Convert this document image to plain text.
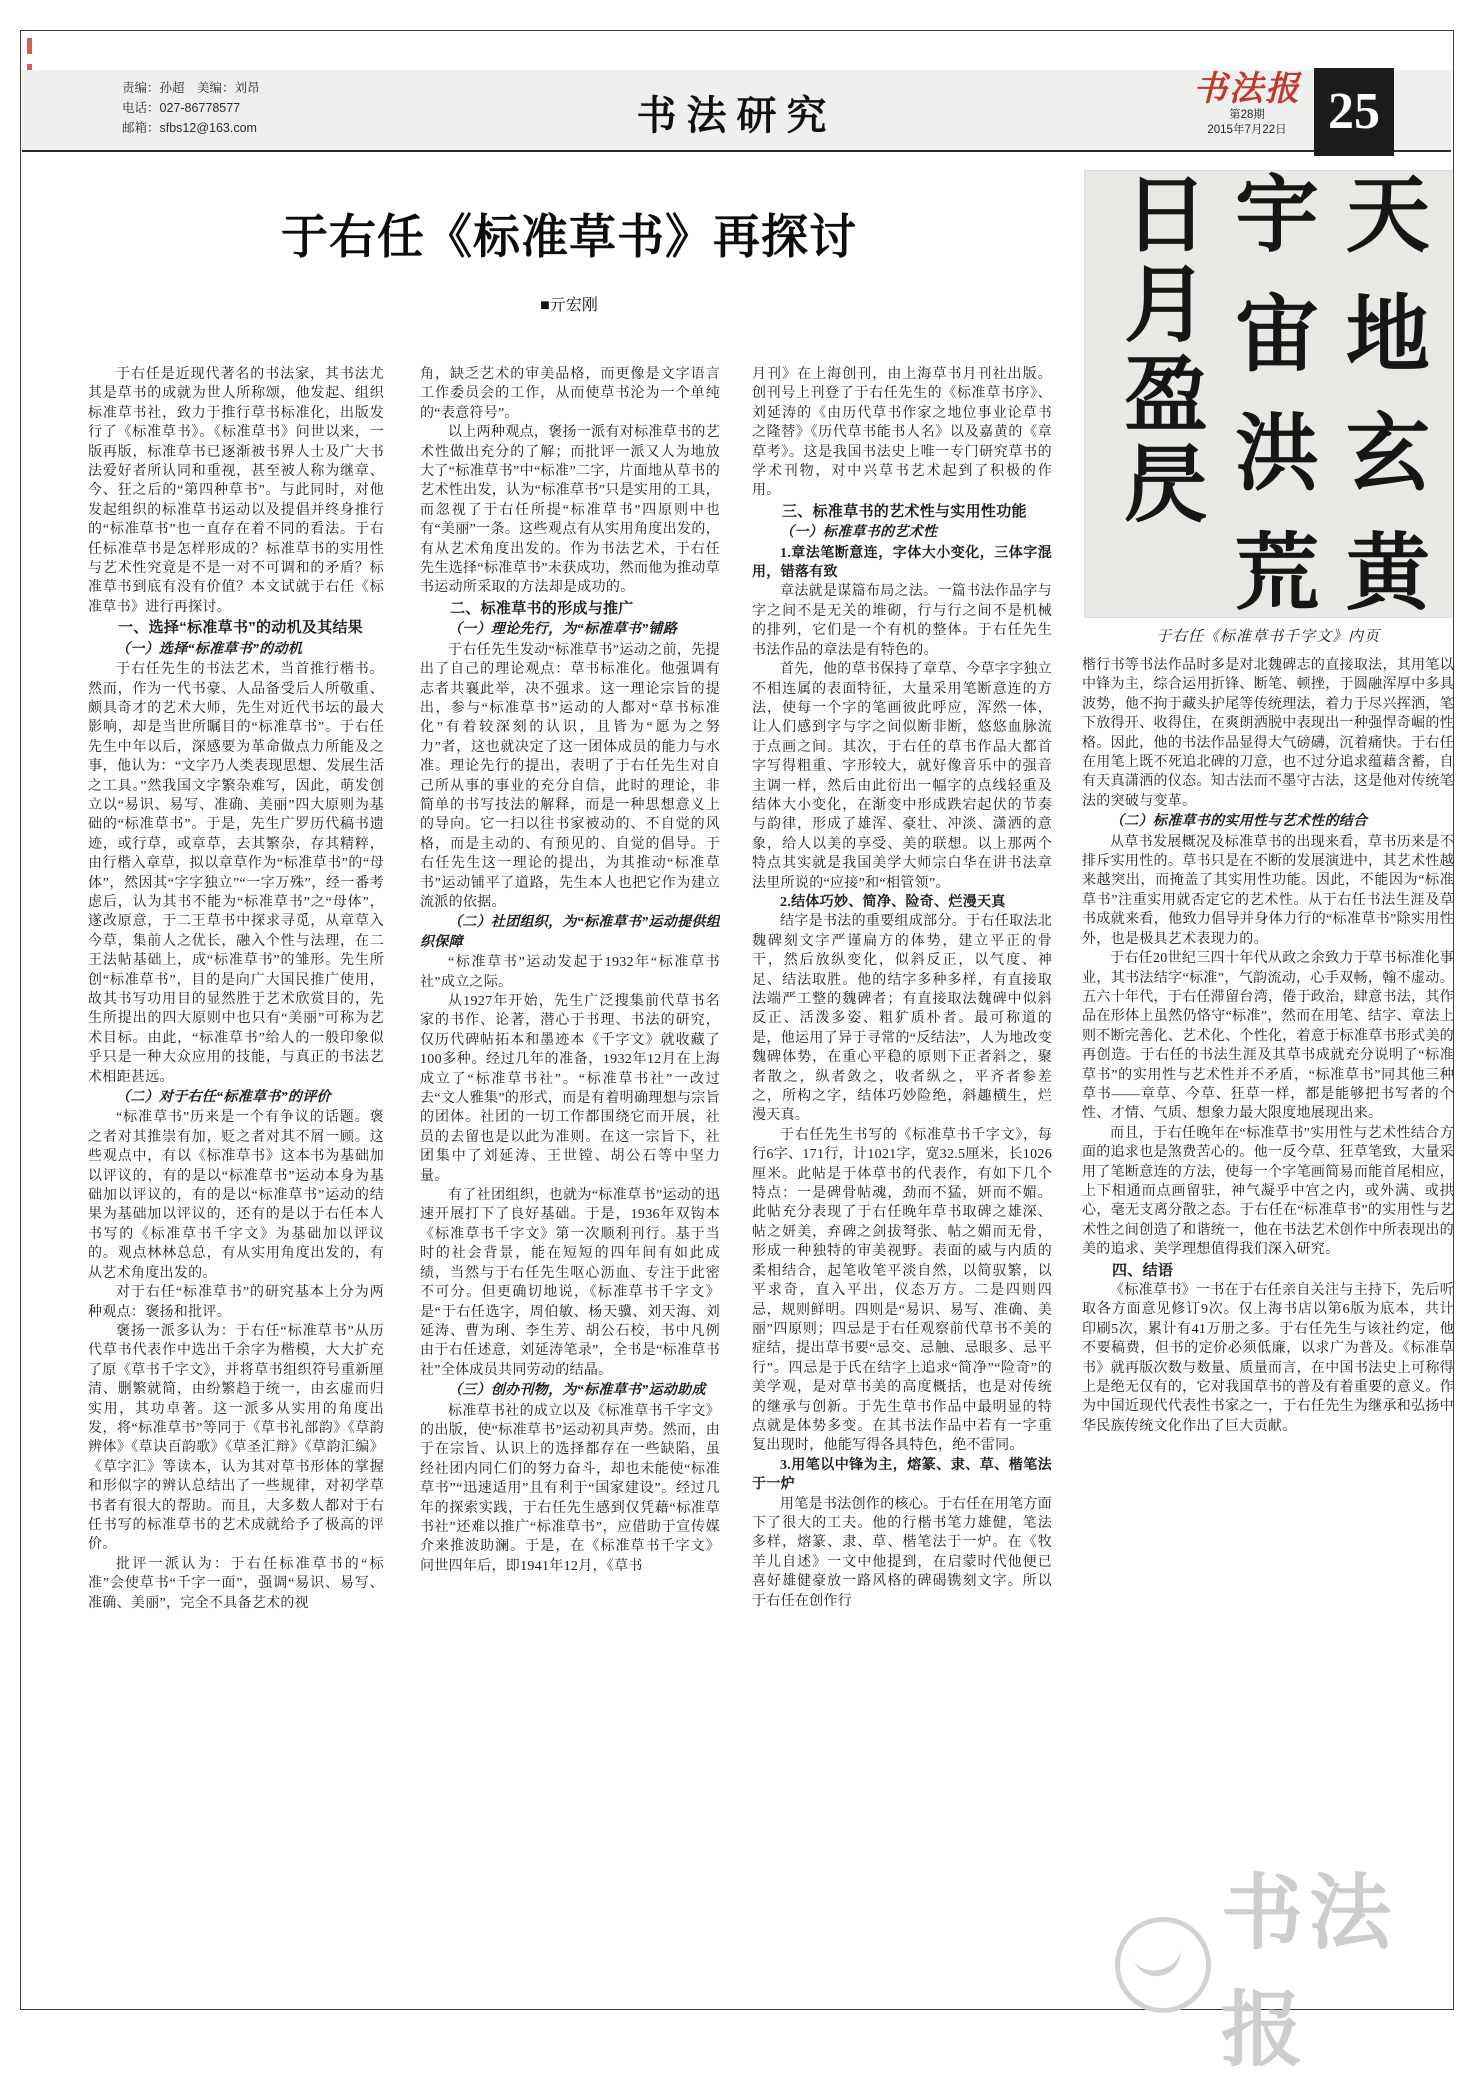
责编：孙超　美编：刘昂
电话：027-86778577
邮箱：sfbs12@163.com	书法研究
书法报
第28期
2015年7月22日 25
于右任《标准草书》再探讨
■亓宏刚
于右任是近现代著名的书法家，其书法尤其是草书的成就为世人所称颂，他发起、组织标准草书社，致力于推行草书标准化，出版发行了《标准草书》。《标准草书》问世以来，一版再版，标准草书已逐渐被书界人士及广大书法爱好者所认同和重视，甚至被人称为继章、今、狂之后的“第四种草书”。与此同时，对他发起组织的标准草书运动以及提倡并终身推行的“标准草书”也一直存在着不同的看法。于右任标准草书是怎样形成的？标准草书的实用性与艺术性究竟是不是一对不可调和的矛盾？标准草书到底有没有价值？本文试就于右任《标准草书》进行再探讨。
一、选择“标准草书”的动机及其结果
（一）选择“标准草书”的动机
于右任先生的书法艺术，当首推行楷书。然而，作为一代书豪、人品备受后人所敬重、颇具奇才的艺术大师，先生对近代书坛的最大影响，却是当世所瞩目的“标准草书”。于右任先生中年以后，深感要为革命做点力所能及之事，他认为：“文字乃人类表现思想、发展生活之工具。”然我国文字繁杂难写，因此，萌发创立以“易识、易写、准确、美丽”四大原则为基础的“标准草书”。于是，先生广罗历代稿书遗迹，或行草，或章草，去其繁杂，存其精粹，由行楷入章草，拟以章草作为“标准草书”的“母体”，然因其“字字独立”“一字万殊”，经一番考虑后，认为其书不能为“标准草书”之“母体”，遂改原意，于二王草书中探求寻觅，从章草入今草，集前人之优长，融入个性与法理，在二王法帖基础上，成“标准草书”的雏形。先生所创“标准草书”，目的是向广大国民推广使用，故其书写功用目的显然胜于艺术欣赏目的，先生所提出的四大原则中也只有“美丽”可称为艺术目标。由此，“标准草书”给人的一般印象似乎只是一种大众应用的技能，与真正的书法艺术相距甚远。
（二）对于右任“标准草书”的评价
“标准草书”历来是一个有争议的话题。褒之者对其推崇有加，贬之者对其不屑一顾。这些观点中，有以《标准草书》这本书为基础加以评议的，有的是以“标准草书”运动本身为基础加以评议的，有的是以“标准草书”运动的结果为基础加以评议的，还有的是以于右任本人书写的《标准草书千字文》为基础加以评议的。观点林林总总，有从实用角度出发的，有从艺术角度出发的。
对于右任“标准草书”的研究基本上分为两种观点：褒扬和批评。
褒扬一派多认为：于右任“标准草书”从历代草书代表作中选出千余字为楷模，大大扩充了原《草书千字文》，并将草书组织符号重新厘清、删繁就简，由纷繁趋于统一，由玄虚而归实用，其功卓著。这一派多从实用的角度出发，将“标准草书”等同于《草书礼部韵》《草韵辨体》《草诀百韵歌》《草圣汇辩》《草韵汇编》《草字汇》等读本，认为其对草书形体的掌握和形似字的辨认总结出了一些规律，对初学草书者有很大的帮助。而且，大多数人都对于右任书写的标准草书的艺术成就给予了极高的评价。
批评一派认为：于右任标准草书的“标准”会使草书“千字一面”，强调“易识、易写、准确、美丽”，完全不具备艺术的视
角，缺乏艺术的审美品格，而更像是文字语言工作委员会的工作，从而使草书沦为一个单纯的“表意符号”。
以上两种观点，褒扬一派有对标准草书的艺术性做出充分的了解；而批评一派又人为地放大了“标准草书”中“标准”二字，片面地从草书的艺术性出发，认为“标准草书”只是实用的工具，而忽视了于右任所提“标准草书”四原则中也有“美丽”一条。这些观点有从实用角度出发的，有从艺术角度出发的。作为书法艺术，于右任先生选择“标准草书”未获成功，然而他为推动草书运动所采取的方法却是成功的。
二、标准草书的形成与推广
（一）理论先行，为“标准草书”铺路
于右任先生发动“标准草书”运动之前，先提出了自己的理论观点：草书标准化。他强调有志者共襄此举，决不强求。这一理论宗旨的提出，参与“标准草书”运动的人都对“草书标准化”有着较深刻的认识，且皆为“愿为之努力”者，这也就决定了这一团体成员的能力与水准。理论先行的提出，表明了于右任先生对自己所从事的事业的充分自信，此时的理论，非简单的书写技法的解释，而是一种思想意义上的导向。它一扫以往书家被动的、不自觉的风格，而是主动的、有预见的、自觉的倡导。于右任先生这一理论的提出，为其推动“标准草书”运动铺平了道路，先生本人也把它作为建立流派的依据。
（二）社团组织，为“标准草书”运动提供组织保障
“标准草书”运动发起于1932年“标准草书社”成立之际。
从1927年开始，先生广泛搜集前代草书名家的书作、论著，潜心于书理、书法的研究，仅历代碑帖拓本和墨迹本《千字文》就收藏了100多种。经过几年的准备，1932年12月在上海成立了“标准草书社”。“标准草书社”一改过去“文人雅集”的形式，而是有着明确理想与宗旨的团体。社团的一切工作都围绕它而开展，社员的去留也是以此为准则。在这一宗旨下，社团集中了刘延涛、王世镗、胡公石等中坚力量。
有了社团组织，也就为“标准草书”运动的迅速开展打下了良好基础。于是，1936年双钩本《标准草书千字文》第一次顺利刊行。基于当时的社会背景，能在短短的四年间有如此成绩，当然与于右任先生呕心沥血、专注于此密不可分。但更确切地说，《标准草书千字文》是“于右任选字，周伯敏、杨天骥、刘天海、刘延涛、曹为琍、李生芳、胡公石校，书中凡例由于右任述意，刘延涛笔录”，全书是“标准草书社”全体成员共同劳动的结晶。
（三）创办刊物，为“标准草书”运动助成
标准草书社的成立以及《标准草书千字文》的出版，使“标准草书”运动初具声势。然而，由于在宗旨、认识上的选择都存在一些缺陷，虽经社团内同仁们的努力奋斗，却也未能使“标准草书”“迅速适用”且有利于“国家建设”。经过几年的探索实践，于右任先生感到仅凭藉“标准草书社”还难以推广“标准草书”，应借助于宣传媒介来推波助澜。于是，在《标准草书千字文》问世四年后，即1941年12月，《草书
月刊》在上海创刊，由上海草书月刊社出版。创刊号上刊登了于右任先生的《标准草书序》、刘延涛的《由历代草书作家之地位事业论草书之隆替》《历代草书能书人名》以及嘉黄的《章草考》。这是我国书法史上唯一专门研究草书的学术刊物，对中兴草书艺术起到了积极的作用。
三、标准草书的艺术性与实用性功能
（一）标准草书的艺术性
1.章法笔断意连，字体大小变化，三体字混用，错落有致
章法就是谋篇布局之法。一篇书法作品字与字之间不是无关的堆砌，行与行之间不是机械的排列，它们是一个有机的整体。于右任先生书法作品的章法是有特色的。
首先，他的草书保持了章草、今草字字独立不相连属的表面特征，大量采用笔断意连的方法，使每一个字的笔画彼此呼应，浑然一体，让人们感到字与字之间似断非断，悠悠血脉流于点画之间。其次，于右任的草书作品大都首字写得粗重、字形较大，就好像音乐中的强音主调一样，然后由此衍出一幅字的点线轻重及结体大小变化，在渐变中形成跌宕起伏的节奏与韵律，形成了雄浑、豪壮、冲淡、潇洒的意象，给人以美的享受、美的联想。以上那两个特点其实就是我国美学大师宗白华在讲书法章法里所说的“应接”和“相管领”。
2.结体巧妙、简净、险奇、烂漫天真
结字是书法的重要组成部分。于右任取法北魏碑刻文字严谨扁方的体势，建立平正的骨干，然后放纵变化，似斜反正，以气度、神足、结法取胜。他的结字多种多样，有直接取法端严工整的魏碑者；有直接取法魏碑中似斜反正、活泼多姿、粗犷质朴者。最可称道的是，他运用了异于寻常的“反结法”，人为地改变魏碑体势，在重心平稳的原则下正者斜之，聚者散之，纵者敛之，收者纵之，平齐者参差之，所构之字，结体巧妙险绝，斜趣横生，烂漫天真。
于右任先生书写的《标准草书千字文》，每行6字、171行，计1021字，宽32.5厘米，长1026厘米。此帖是于体草书的代表作，有如下几个特点：一是碑骨帖魂，劲而不猛，妍而不媚。此帖充分表现了于右任晚年草书取碑之雄深、帖之妍美，弃碑之剑拔弩张、帖之媚而无骨，形成一种独特的审美视野。表面的威与内质的柔相结合，起笔收笔平淡自然，以简驭繁，以平求奇，直入平出，仪态万方。二是四则四忌，规则鲜明。四则是“易识、易写、准确、美丽”四原则；四忌是于右任观察前代草书不美的症结，提出草书要“忌交、忌触、忌眼多、忌平行”。四忌是于氏在结字上追求“简净”“险奇”的美学观，是对草书美的高度概括，也是对传统的继承与创新。于先生草书作品中最明显的特点就是体势多变。在其书法作品中若有一字重复出现时，他能写得各具特色，绝不雷同。
3.用笔以中锋为主，熔篆、隶、草、楷笔法于一炉
用笔是书法创作的核心。于右任在用笔方面下了很大的工夫。他的行楷书笔力雄健，笔法多样，熔篆、隶、草、楷笔法于一炉。在《牧羊儿自述》一文中他提到，在启蒙时代他便已喜好雄健豪放一路风格的碑碣镌刻文字。所以于右任在创作行
天地玄黄宇宙洪荒日月盈昃
于右任《标准草书千字文》内页
楷行书等书法作品时多是对北魏碑志的直接取法，其用笔以中锋为主，综合运用折锋、断笔、顿挫，于圆融浑厚中多具波势，他不拘于藏头护尾等传统理法，着力于尽兴挥洒，笔下放得开、收得住，在爽朗洒脱中表现出一种强悍奇崛的性格。因此，他的书法作品显得大气磅礴，沉着痛快。于右任在用笔上既不死追北碑的刀意，也不过分追求蕴藉含蓄，自有天真潇洒的仪态。知古法而不墨守古法，这是他对传统笔法的突破与变革。
（二）标准草书的实用性与艺术性的结合
从草书发展概况及标准草书的出现来看，草书历来是不排斥实用性的。草书只是在不断的发展演进中，其艺术性越来越突出，而掩盖了其实用性功能。因此，不能因为“标准草书”注重实用就否定它的艺术性。从于右任书法生涯及草书成就来看，他致力倡导并身体力行的“标准草书”除实用性外，也是极具艺术表现力的。
于右任20世纪三四十年代从政之余致力于草书标准化事业，其书法结字“标准”，气韵流动，心手双畅，翰不虚动。五六十年代，于右任滞留台湾，倦于政治，肆意书法，其作品在形体上虽然仍恪守“标准”，然而在用笔、结字、章法上则不断完善化、艺术化、个性化，着意于标准草书形式美的再创造。于右任的书法生涯及其草书成就充分说明了“标准草书”的实用性与艺术性并不矛盾，“标准草书”同其他三种草书——章草、今草、狂草一样，都是能够把书写者的个性、才情、气质、想象力最大限度地展现出来。
而且，于右任晚年在“标准草书”实用性与艺术性结合方面的追求也是煞费苦心的。他一反今草、狂草笔致，大量采用了笔断意连的方法，使每一个字笔画简易而能首尾相应，上下相通而点画留驻，神气凝乎中宫之内，或外满、或拱心，毫无支离分散之态。于右任在“标准草书”的实用性与艺术性之间创造了和谐统一，他在书法艺术创作中所表现出的美的追求、美学理想值得我们深入研究。
四、结语
《标准草书》一书在于右任亲自关注与主持下，先后听取各方面意见修订9次。仅上海书店以第6版为底本，共计印刷5次，累计有41万册之多。于右任先生与该社约定，他不要稿费，但书的定价必须低廉，以求广为普及。《标准草书》就再版次数与数量、质量而言，在中国书法史上可称得上是绝无仅有的，它对我国草书的普及有着重要的意义。作为中国近现代代表性书家之一，于右任先生为继承和弘扬中华民族传统文化作出了巨大贡献。
书法报
